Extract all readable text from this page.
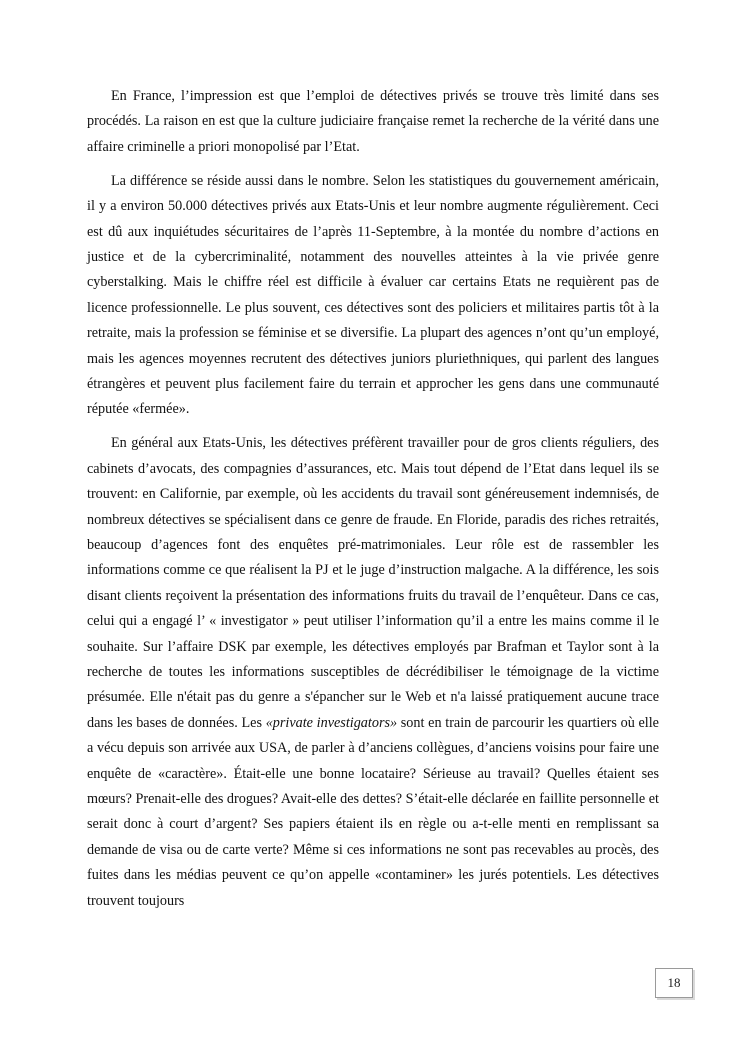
En France, l’impression est que l’emploi de détectives privés se trouve très limité dans ses procédés. La raison en est que la culture judiciaire française remet la recherche de la vérité dans une affaire criminelle a priori monopolisé par l’Etat.

La différence se réside aussi dans le nombre. Selon les statistiques du gouvernement américain, il y a environ 50.000 détectives privés aux Etats-Unis et leur nombre augmente régulièrement. Ceci est dû aux inquiétudes sécuritaires de l’après 11-Septembre, à la montée du nombre d’actions en justice et de la cybercriminalité, notamment des nouvelles atteintes à la vie privée genre cyberstalking. Mais le chiffre réel est difficile à évaluer car certains Etats ne requièrent pas de licence professionnelle. Le plus souvent, ces détectives sont des policiers et militaires partis tôt à la retraite, mais la profession se féminise et se diversifie. La plupart des agences n’ont qu’un employé, mais les agences moyennes recrutent des détectives juniors pluriethniques, qui parlent des langues étrangères et peuvent plus facilement faire du terrain et approcher les gens dans une communauté réputée «fermée».

En général aux Etats-Unis, les détectives préfèrent travailler pour de gros clients réguliers, des cabinets d’avocats, des compagnies d’assurances, etc. Mais tout dépend de l’Etat dans lequel ils se trouvent: en Californie, par exemple, où les accidents du travail sont généreusement indemnisés, de nombreux détectives se spécialisent dans ce genre de fraude. En Floride, paradis des riches retraités, beaucoup d’agences font des enquêtes pré-matrimoniales. Leur rôle est de rassembler les informations comme ce que réalisent la PJ et le juge d’instruction malgache. A la différence, les sois disant clients reçoivent la présentation des informations fruits du travail de l’enquêteur. Dans ce cas, celui qui a engagé l’ « investigator » peut utiliser l’information qu’il a entre les mains comme il le souhaite. Sur l’affaire DSK par exemple, les détectives employés par Brafman et Taylor sont à la recherche de toutes les informations susceptibles de décrédibiliser le témoignage de la victime présumée. Elle n'était pas du genre a s'épancher sur le Web et n'a laissé pratiquement aucune trace dans les bases de données. Les «private investigators» sont en train de parcourir les quartiers où elle a vécu depuis son arrivée aux USA, de parler à d’anciens collègues, d’anciens voisins pour faire une enquête de «caractère». Était-elle une bonne locataire? Sérieuse au travail? Quelles étaient ses mœurs? Prenait-elle des drogues? Avait-elle des dettes? S’était-elle déclarée en faillite personnelle et serait donc à court d’argent? Ses papiers étaient ils en règle ou a-t-elle menti en remplissant sa demande de visa ou de carte verte? Même si ces informations ne sont pas recevables au procès, des fuites dans les médias peuvent ce qu’on appelle «contaminer» les jurés potentiels. Les détectives trouvent toujours

18
